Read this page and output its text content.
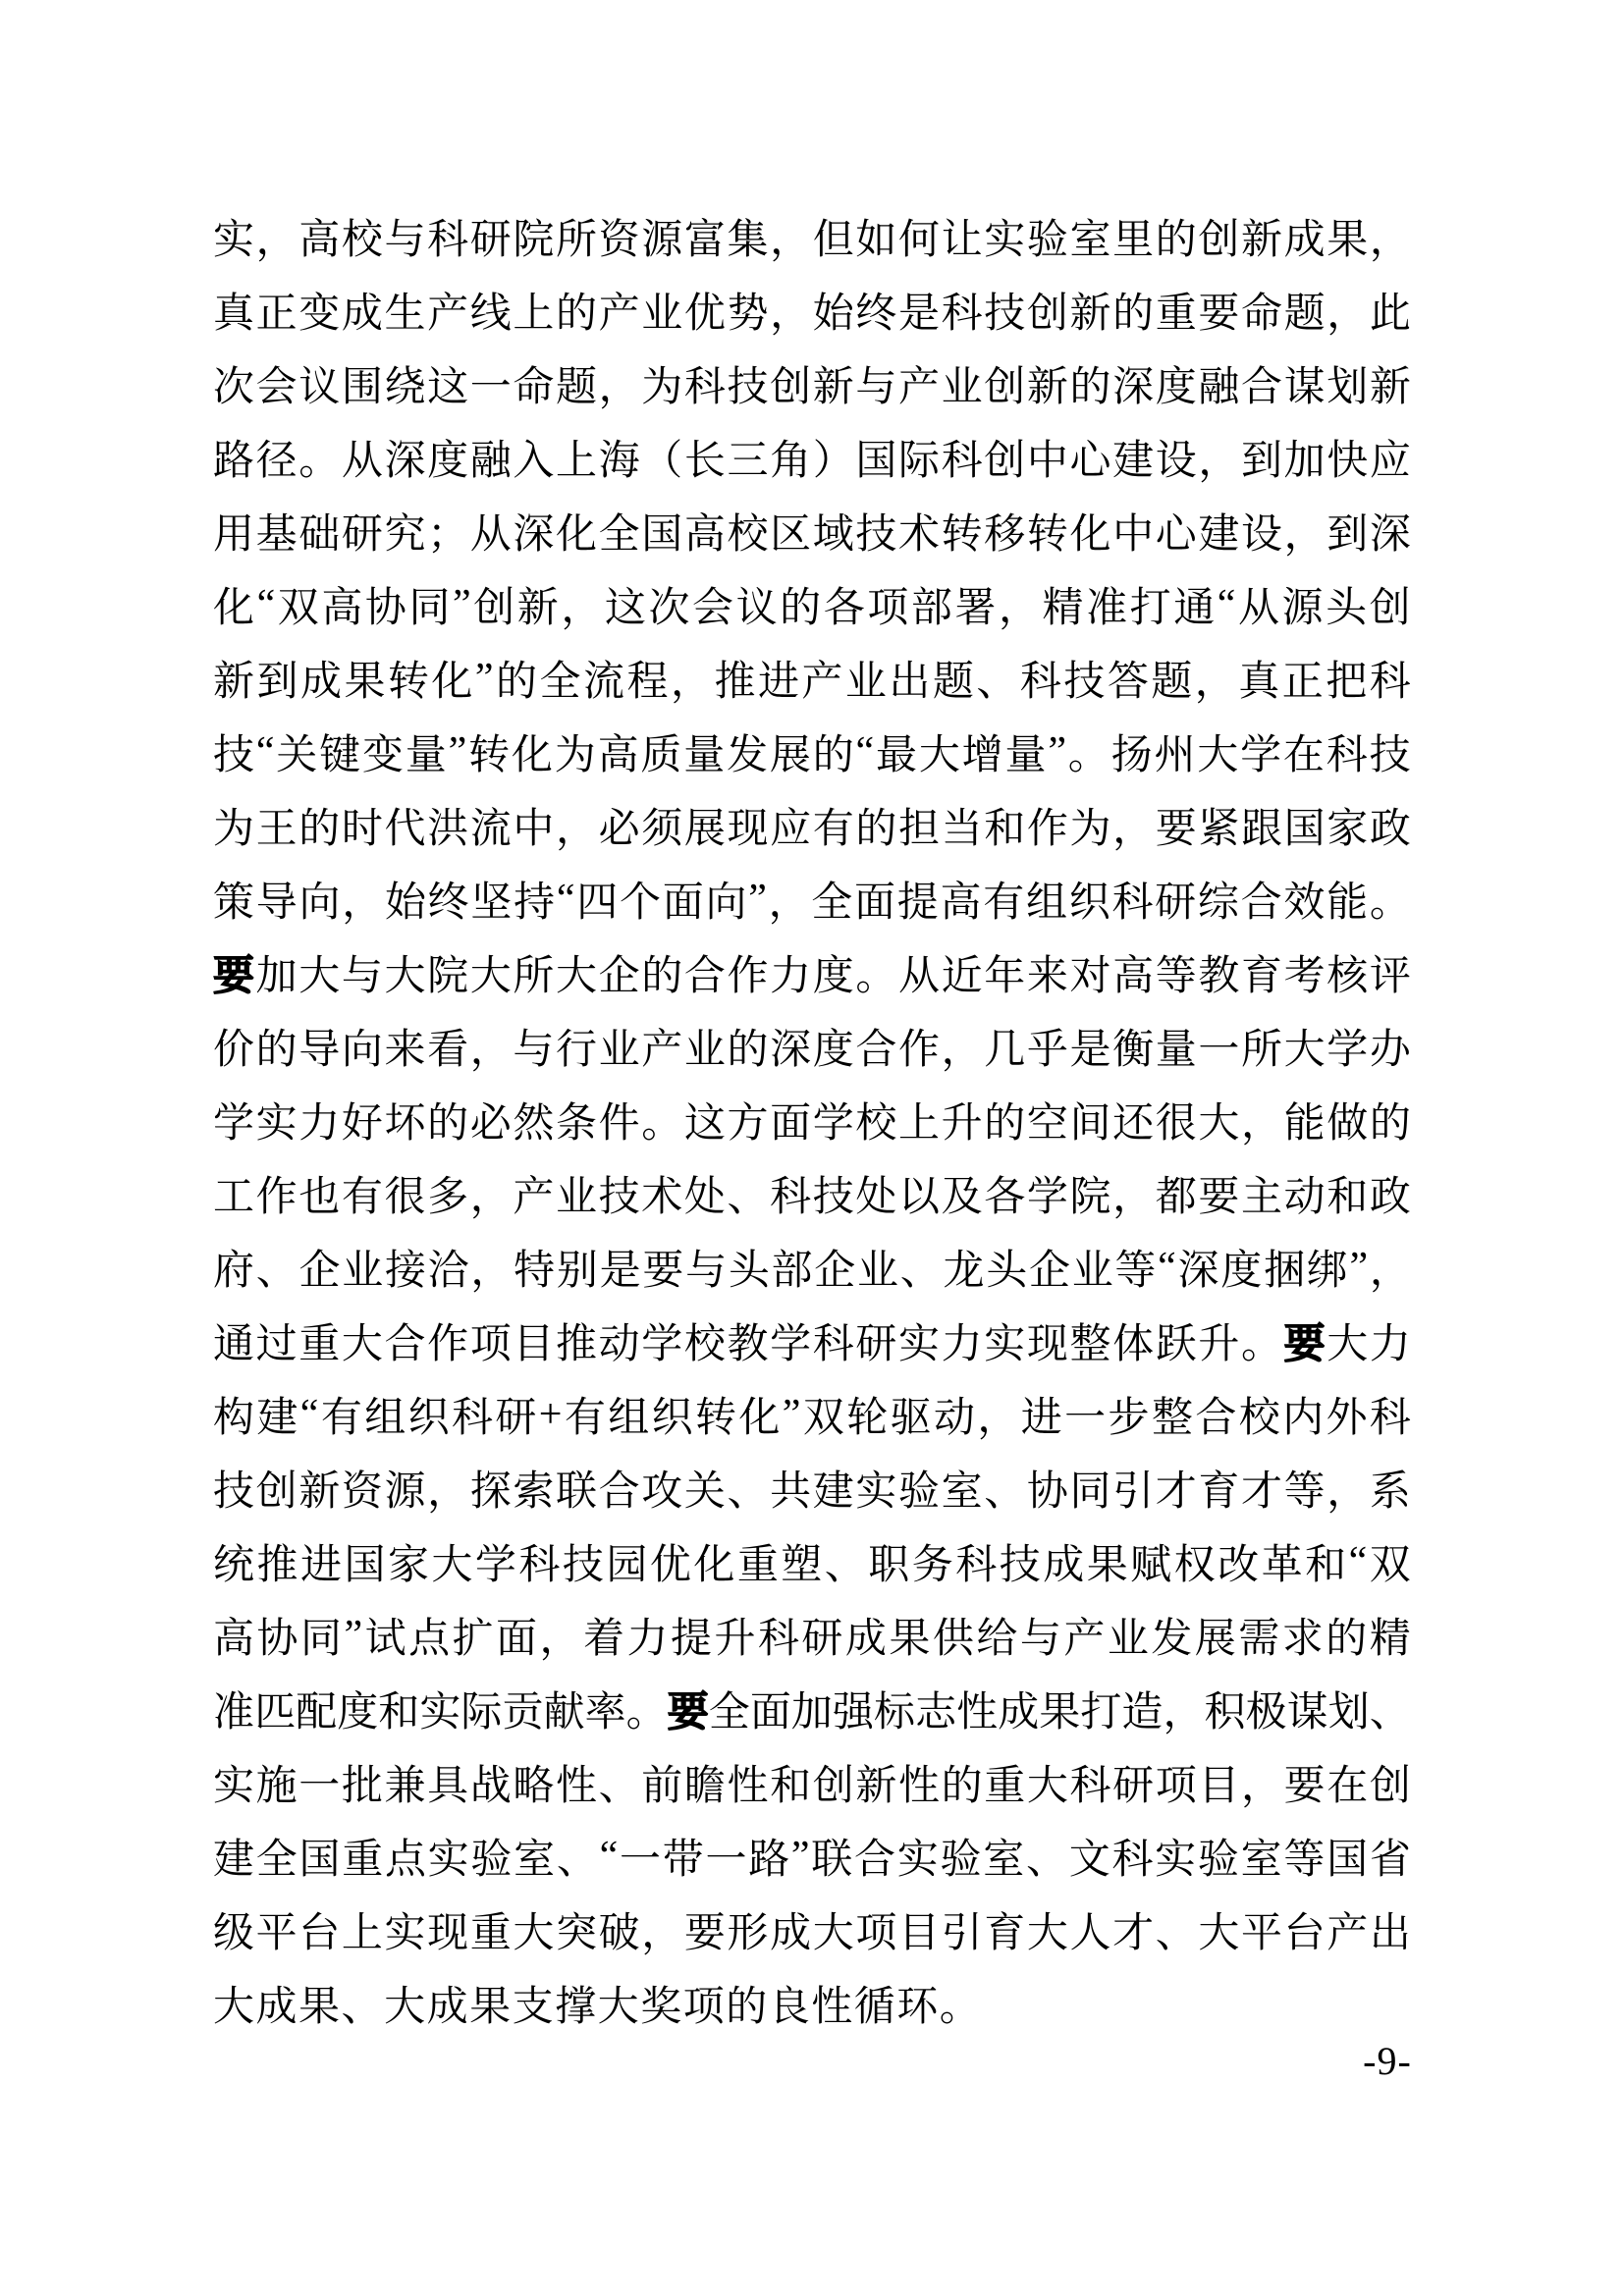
实 ， 高 校 与 科 研 院 所 资 源 富 集 ， 但 如 何 让 实 验 室 里 的 创 新 成 果 ，
真 正 变 成 生 产 线 上 的 产 业 优 势 ， 始 终 是 科 技 创 新 的 重 要 命 题 ， 此
次 会 议 围 绕 这 一 命 题 ， 为 科 技 创 新 与 产 业 创 新 的 深 度 融 合 谋 划 新
路 径 。 从 深 度 融 入 上 海 （ 长 三 角 ） 国 际 科 创 中 心 建 设 ， 到 加 快 应
用 基 础 研 究 ； 从 深 化 全 国 高 校 区 域 技 术 转 移 转 化 中 心 建 设 ， 到 深
化 “ 双 高 协 同 ” 创 新 ， 这 次 会 议 的 各 项 部 署 ， 精 准 打 通 “ 从 源 头 创
新 到 成 果 转 化 ” 的 全 流 程 ， 推 进 产 业 出 题 、 科 技 答 题 ， 真 正 把 科
技 “ 关 键 变 量 ” 转 化 为 高 质 量 发 展 的 “ 最 大 增 量 ” 。 扬 州 大 学 在 科 技
为 王 的 时 代 洪 流 中 ， 必 须 展 现 应 有 的 担 当 和 作 为 ， 要 紧 跟 国 家 政
策 导 向 ， 始 终 坚 持 “ 四 个 面 向 ” ， 全 面 提 高 有 组 织 科 研 综 合 效 能 。
要 加 大 与 大 院 大 所 大 企 的 合 作 力 度 。 从 近 年 来 对 高 等 教 育 考 核 评
价 的 导 向 来 看 ， 与 行 业 产 业 的 深 度 合 作 ， 几 乎 是 衡 量 一 所 大 学 办
学 实 力 好 坏 的 必 然 条 件 。 这 方 面 学 校 上 升 的 空 间 还 很 大 ， 能 做 的
工 作 也 有 很 多 ， 产 业 技 术 处 、 科 技 处 以 及 各 学 院 ， 都 要 主 动 和 政
府 、 企 业 接 洽 ， 特 别 是 要 与 头 部 企 业 、 龙 头 企 业 等 “ 深 度 捆 绑 ” ，
通 过 重 大 合 作 项 目 推 动 学 校 教 学 科 研 实 力 实 现 整 体 跃 升 。 要 大 力
构 建 “ 有 组 织 科 研 + 有 组 织 转 化 ” 双 轮 驱 动 ， 进 一 步 整 合 校 内 外 科
技 创 新 资 源 ， 探 索 联 合 攻 关 、 共 建 实 验 室 、 协 同 引 才 育 才 等 ， 系
统 推 进 国 家 大 学 科 技 园 优 化 重 塑 、 职 务 科 技 成 果 赋 权 改 革 和 “ 双
高 协 同 ” 试 点 扩 面 ， 着 力 提 升 科 研 成 果 供 给 与 产 业 发 展 需 求 的 精
准 匹 配 度 和 实 际 贡 献 率 。 要 全 面 加 强 标 志 性 成 果 打 造 ， 积 极 谋 划 、
实 施 一 批 兼 具 战 略 性 、 前 瞻 性 和 创 新 性 的 重 大 科 研 项 目 ， 要 在 创
建 全 国 重 点 实 验 室 、 “ 一 带 一 路 ” 联 合 实 验 室 、 文 科 实 验 室 等 国 省
级 平 台 上 实 现 重 大 突 破 ， 要 形 成 大 项 目 引 育 大 人 才 、 大 平 台 产 出
大 成 果 、 大 成 果 支 撑 大 奖 项 的 良 性 循 环 。
-9-
